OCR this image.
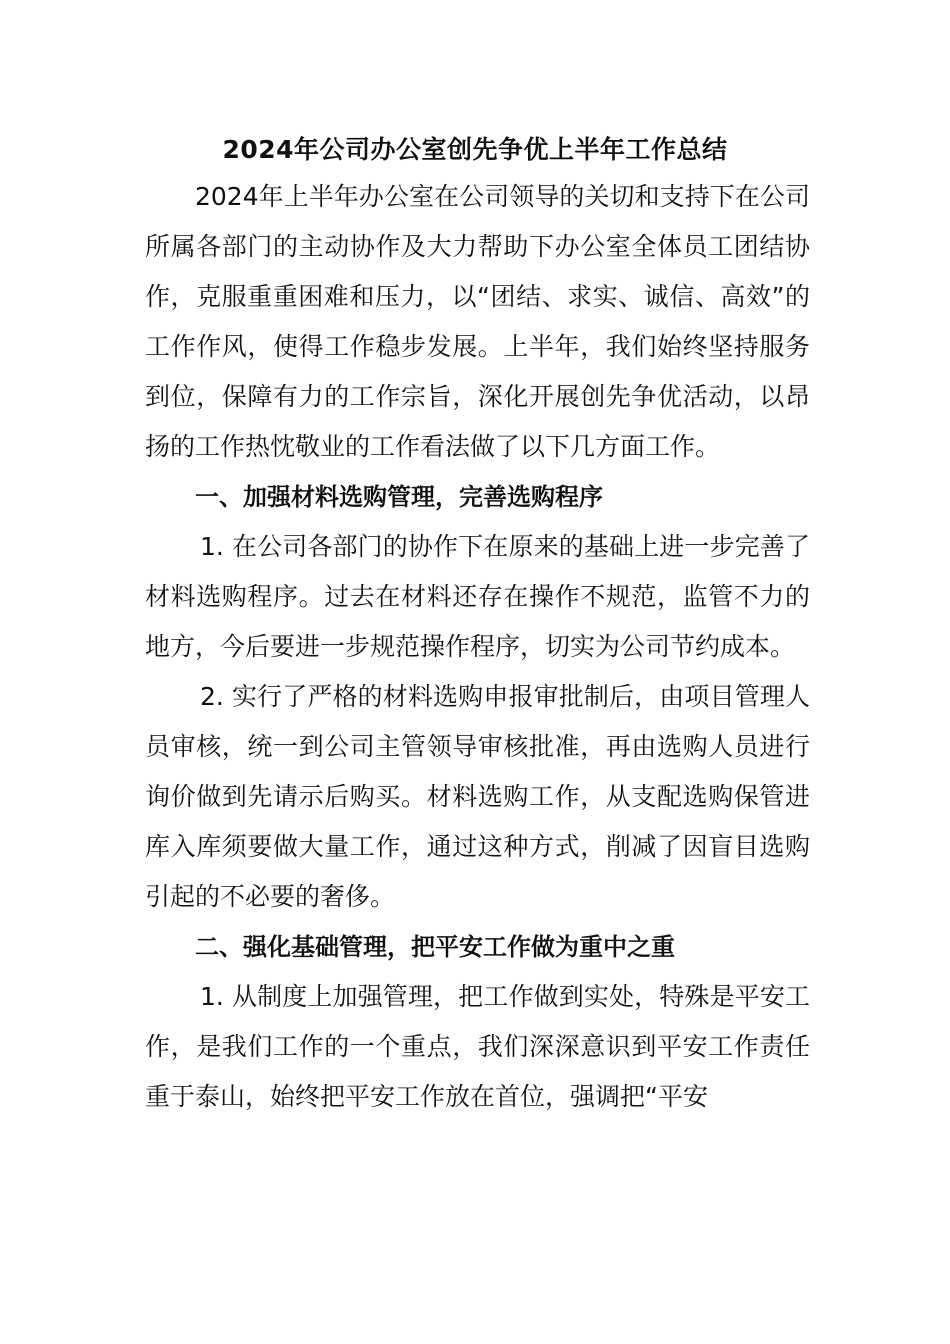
2024年公司办公室创先争优上半年工作总结

2024年上半年办公室在公司领导的关切和支持下在公司所属各部门的主动协作及大力帮助下办公室全体员工团结协作，克服重重困难和压力，以“团结、求实、诚信、高效”的工作作风，使得工作稳步发展。上半年，我们始终坚持服务到位，保障有力的工作宗旨，深化开展创先争优活动，以昂扬的工作热忱敬业的工作看法做了以下几方面工作。

一、加强材料选购管理，完善选购程序

1. 在公司各部门的协作下在原来的基础上进一步完善了材料选购程序。过去在材料还存在操作不规范，监管不力的地方，今后要进一步规范操作程序，切实为公司节约成本。

2. 实行了严格的材料选购申报审批制后，由项目管理人员审核，统一到公司主管领导审核批准，再由选购人员进行询价做到先请示后购买。材料选购工作，从支配选购保管进库入库须要做大量工作，通过这种方式，削减了因盲目选购引起的不必要的奢侈。

二、强化基础管理，把平安工作做为重中之重

1. 从制度上加强管理，把工作做到实处，特殊是平安工作，是我们工作的一个重点，我们深深意识到平安工作责任重于泰山，始终把平安工作放在首位，强调把“平安
